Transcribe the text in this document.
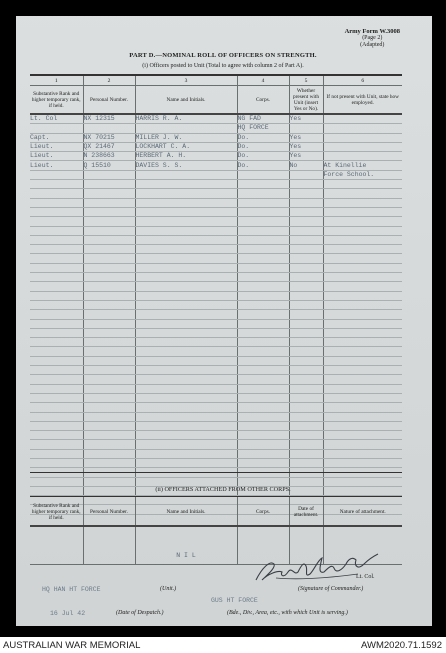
Army Form W.3008
(Page 2)
(Adapted)
PART D.—NOMINAL ROLL OF OFFICERS ON STRENGTH.
(i) Officers posted to Unit (Total to agree with column 2 of Part A).
1	2	3	4	5	6
Substantive Rank and higher temporary rank, if held.	Personal Number.	Name and Initials.	Corps.	Whether present with Unit (insert Yes or No).	If not present with Unit, state how employed.
Lt. Col	NX 12315	HARRIS R. A.	NG FAD	Yes	
			HQ FORCE		
Capt.	NX 70215	MILLER J. W.	Do.	Yes	
Lieut.	QX 21467	LOCKHART C. A.	Do.	Yes	
Lieut.	N 238663	HERBERT A. H.	Do.	Yes	
Lieut.	Q 15510	DAVIES S. S.	Do.	No	At Kinellie
					Force School.

(ii) OFFICERS ATTACHED FROM OTHER CORPS.
Substantive Rank and higher temporary rank, if held.	Personal Number.	Name and Initials.	Corps.	Date of attachment.	Nature of attachment.
		N I L			
HQ HAN HT FORCE	(Unit.)
Lt. Col.
(Signature of Commander.)
GUS HT FORCE
16 Jul 42	(Date of Despatch.)	(Bde., Div., Area, etc., with which Unit is serving.)
AUSTRALIAN WAR MEMORIAL	AWM2020.71.1592
